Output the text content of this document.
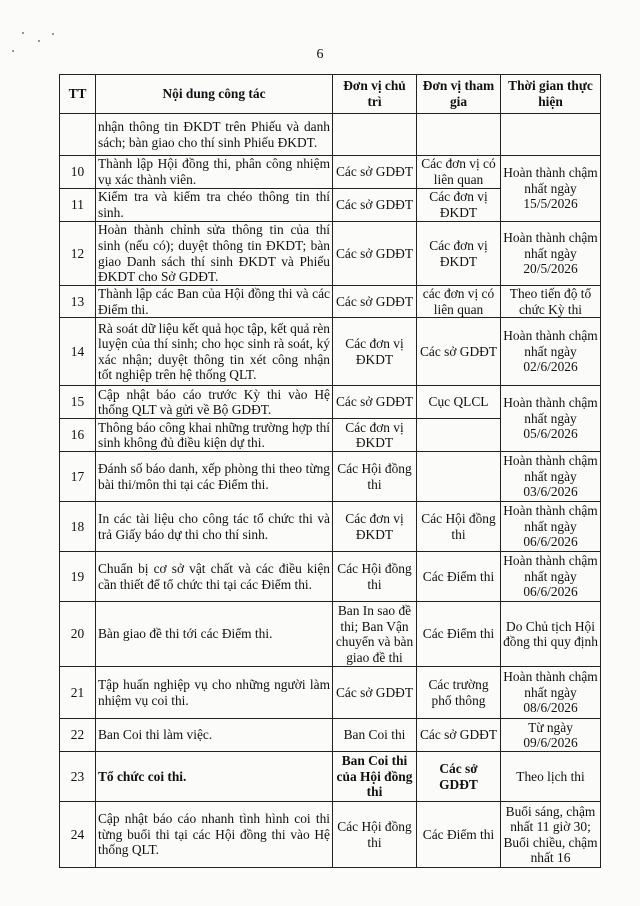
6
TT	Nội dung công tác	Đơn vị chủ trì	Đơn vị tham gia	Thời gian thực hiện
	nhận thông tin ĐKDT trên Phiếu và danh sách; bàn giao cho thí sinh Phiếu ĐKDT.			
10	Thành lập Hội đồng thi, phân công nhiệm vụ xác thành viên.	Các sở GDĐT	Các đơn vị có liên quan	Hoàn thành chậm nhất ngày 15/5/2026
11	Kiểm tra và kiểm tra chéo thông tin thí sinh.	Các sở GDĐT	Các đơn vị ĐKDT	
12	Hoàn thành chỉnh sửa thông tin của thí sinh (nếu có); duyệt thông tin ĐKDT; bàn giao Danh sách thí sinh ĐKDT và Phiếu ĐKDT cho Sở GDĐT.	Các sở GDĐT	Các đơn vị ĐKDT	Hoàn thành chậm nhất ngày 20/5/2026
13	Thành lập các Ban của Hội đồng thi và các Điểm thi.	Các sở GDĐT	các đơn vị có liên quan	Theo tiến độ tổ chức Kỳ thi
14	Rà soát dữ liệu kết quả học tập, kết quả rèn luyện của thí sinh; cho học sinh rà soát, ký xác nhận; duyệt thông tin xét công nhận tốt nghiệp trên hệ thống QLT.	Các đơn vị ĐKDT	Các sở GDĐT	Hoàn thành chậm nhất ngày 02/6/2026
15	Cập nhật báo cáo trước Kỳ thi vào Hệ thống QLT và gửi về Bộ GDĐT.	Các sở GDĐT	Cục QLCL	Hoàn thành chậm nhất ngày 05/6/2026
16	Thông báo công khai những trường hợp thí sinh không đủ điều kiện dự thi.	Các đơn vị ĐKDT		
17	Đánh số báo danh, xếp phòng thi theo từng bài thi/môn thi tại các Điểm thi.	Các Hội đồng thi		Hoàn thành chậm nhất ngày 03/6/2026
18	In các tài liệu cho công tác tổ chức thi và trả Giấy báo dự thi cho thí sinh.	Các đơn vị ĐKDT	Các Hội đồng thi	Hoàn thành chậm nhất ngày 06/6/2026
19	Chuẩn bị cơ sở vật chất và các điều kiện cần thiết để tổ chức thi tại các Điểm thi.	Các Hội đồng thi	Các Điểm thi	Hoàn thành chậm nhất ngày 06/6/2026
20	Bàn giao đề thi tới các Điểm thi.	Ban In sao đề thi; Ban Vận chuyển và bàn giao đề thi	Các Điểm thi	Do Chủ tịch Hội đồng thi quy định
21	Tập huấn nghiệp vụ cho những người làm nhiệm vụ coi thi.	Các sở GDĐT	Các trường phổ thông	Hoàn thành chậm nhất ngày 08/6/2026
22	Ban Coi thi làm việc.	Ban Coi thi	Các sở GDĐT	Từ ngày 09/6/2026
23	Tổ chức coi thi.	Ban Coi thi của Hội đồng thi	Các sở GDĐT	Theo lịch thi
24	Cập nhật báo cáo nhanh tình hình coi thi từng buổi thi tại các Hội đồng thi vào Hệ thống QLT.	Các Hội đồng thi	Các Điểm thi	Buổi sáng, chậm nhất 11 giờ 30; Buổi chiều, chậm nhất 16
